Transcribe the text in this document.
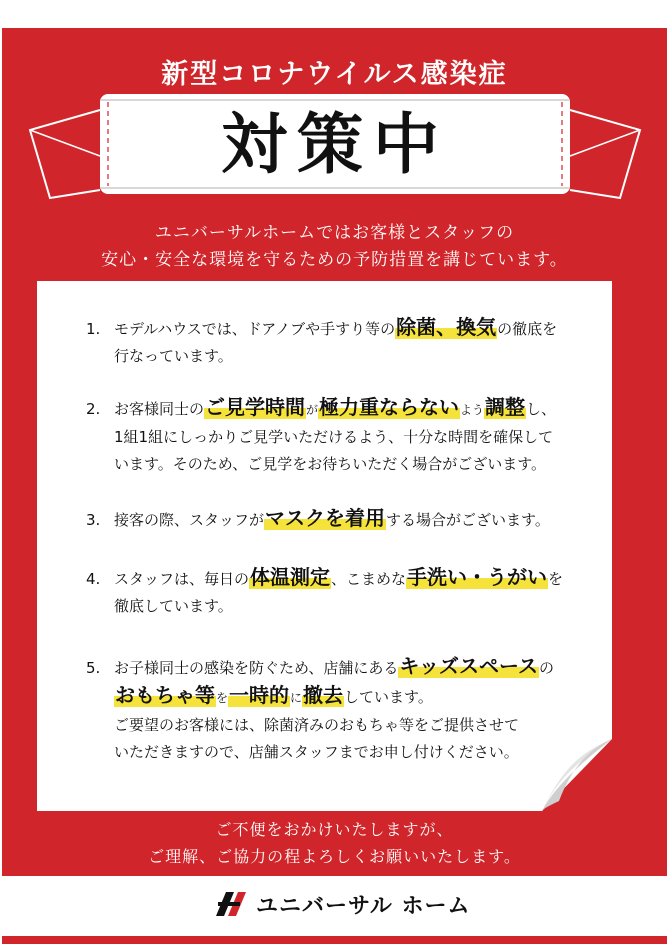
新型コロナウイルス感染症
対策中
ユニバーサルホームではお客様とスタッフの
安心・安全な環境を守るための予防措置を講じています。
1. モデルハウスでは、ドアノブや手すり等の除菌、換気の徹底を
行なっています。
2. お客様同士のご見学時間が極力重ならないよう調整し、
1組1組にしっかりご見学いただけるよう、十分な時間を確保して
います。そのため、ご見学をお待ちいただく場合がございます。
3. 接客の際、スタッフがマスクを着用する場合がございます。
4. スタッフは、毎日の体温測定、こまめな手洗い・うがいを
徹底しています。
5. お子様同士の感染を防ぐため、店舗にあるキッズスペースの
おもちゃ等を一時的に撤去しています。
ご要望のお客様には、除菌済みのおもちゃ等をご提供させて
いただきますので、店舗スタッフまでお申し付けください。
ご不便をおかけいたしますが、
ご理解、ご協力の程よろしくお願いいたします。
ユニバーサル ホーム
